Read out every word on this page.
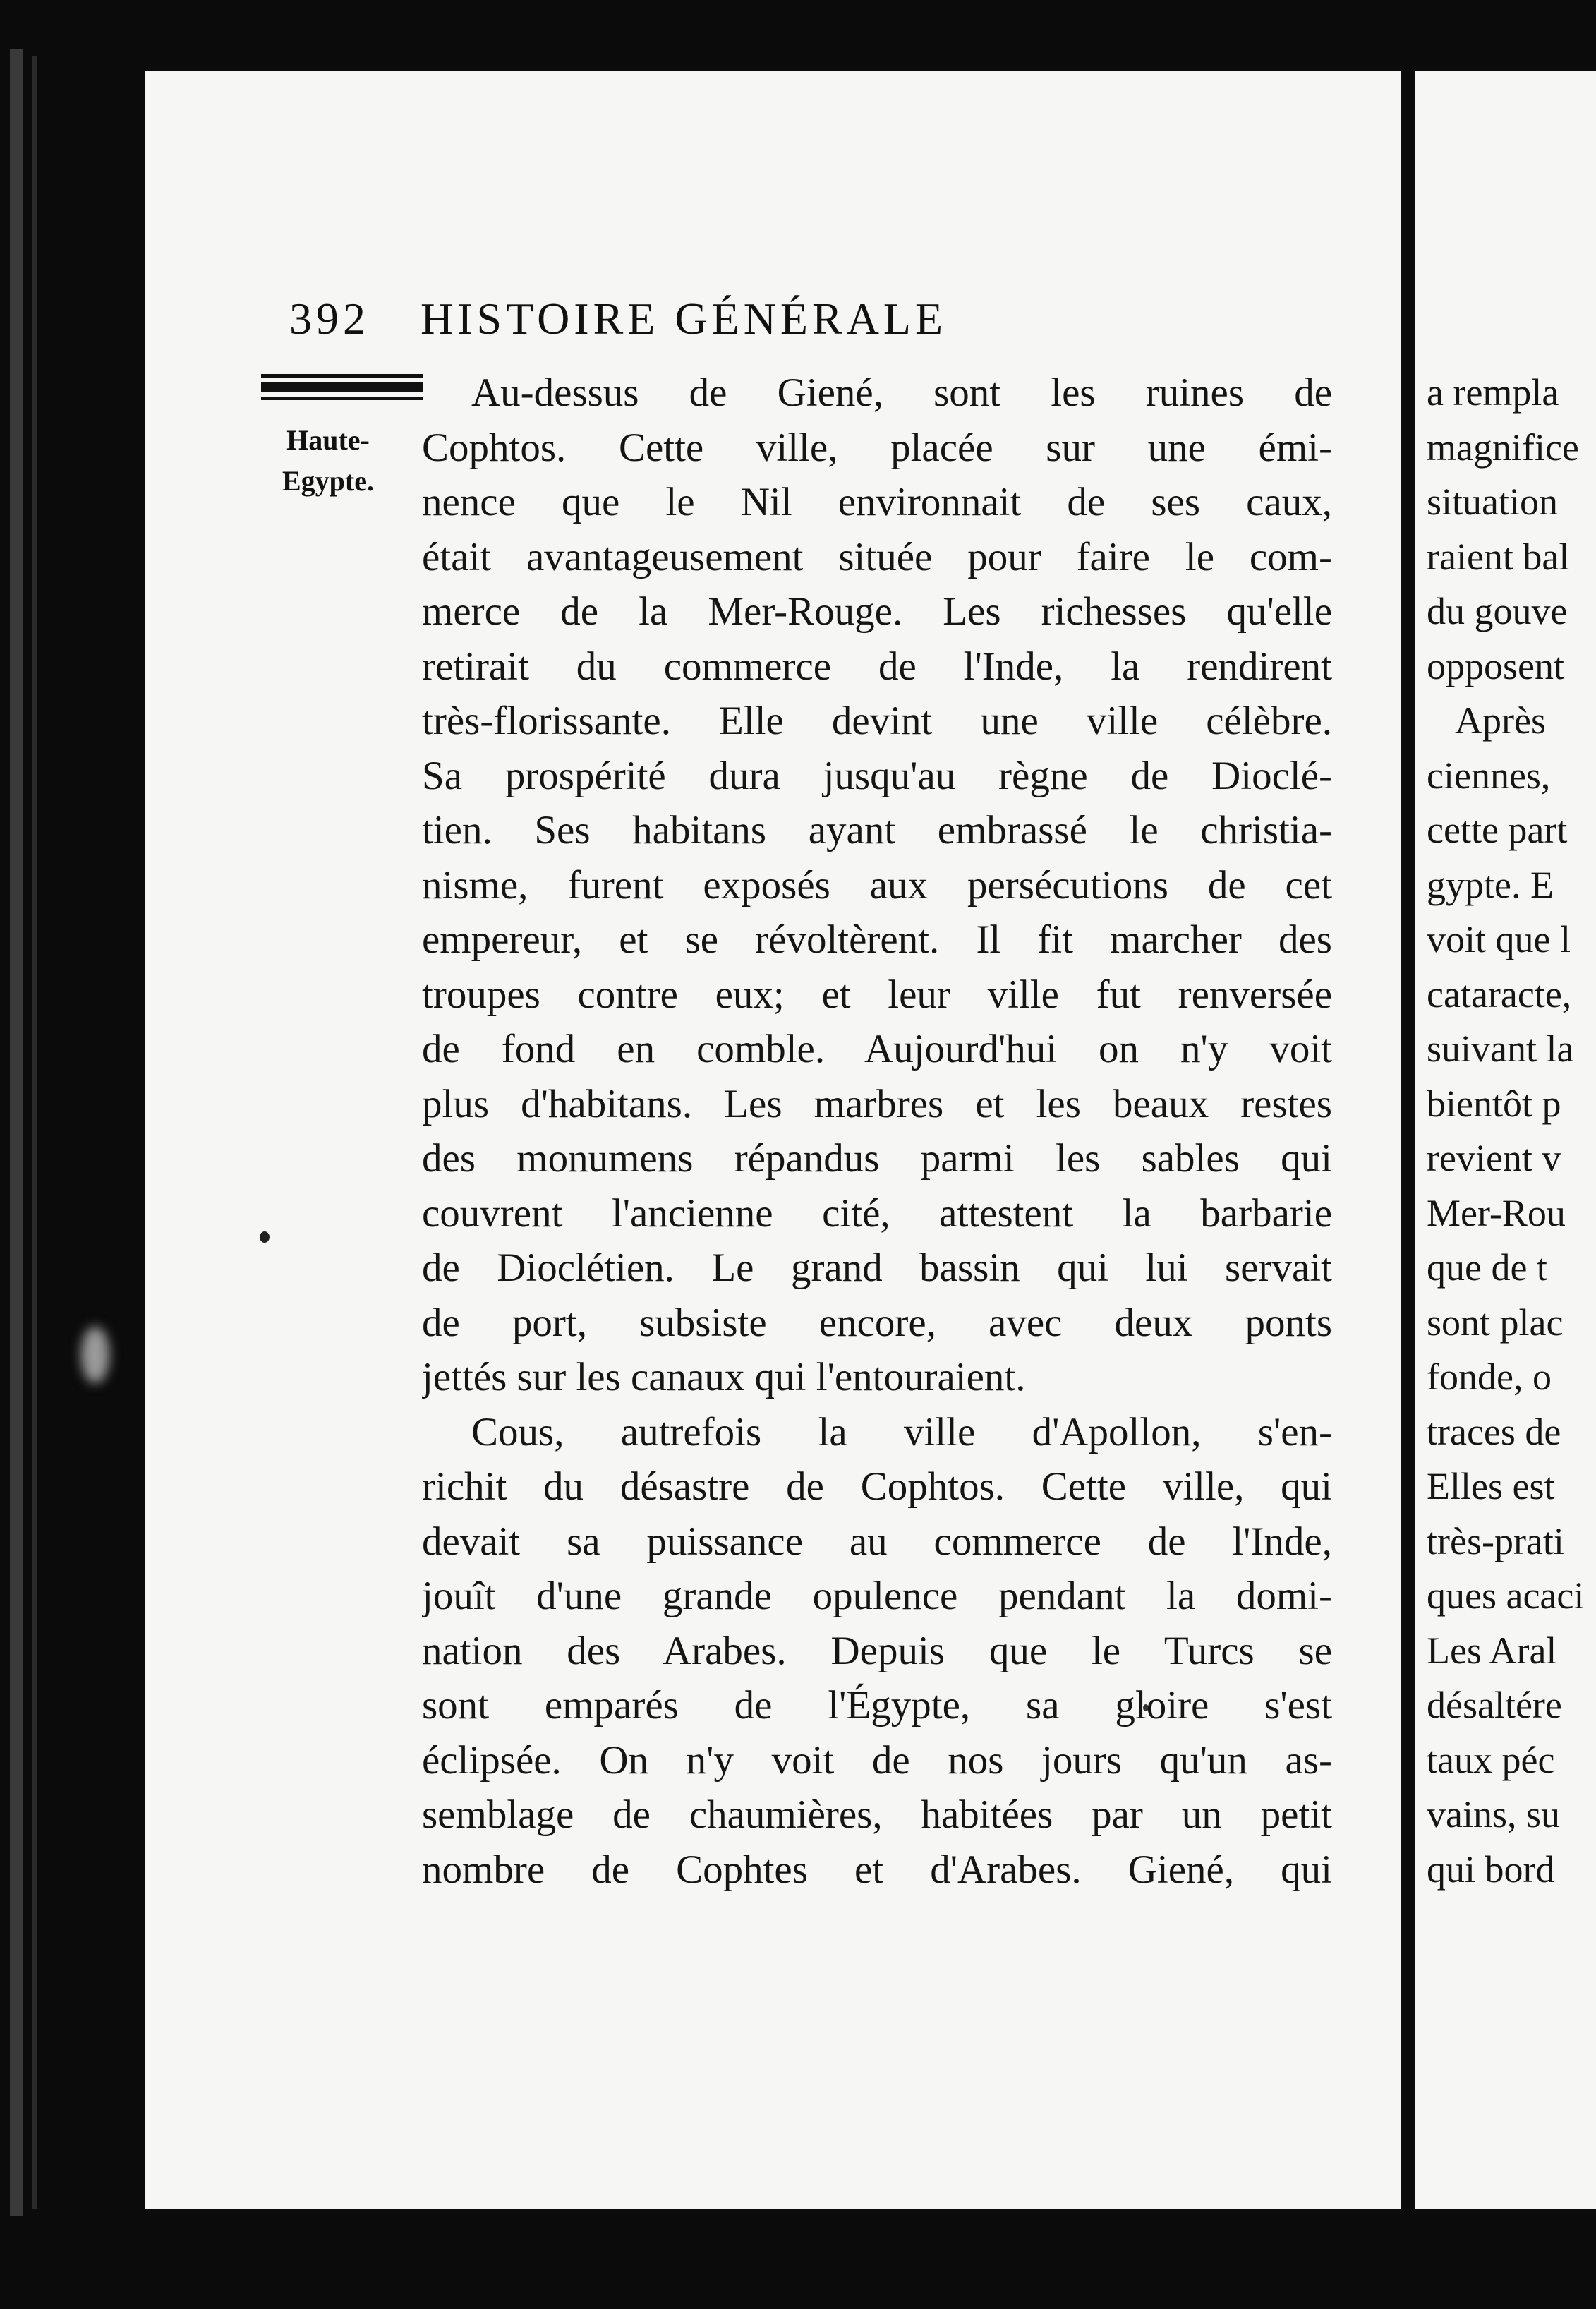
392 HISTOIRE GÉNÉRALE
Haute-
Egypte.
Au-dessus de Giené, sont les ruines de
Cophtos. Cette ville, placée sur une émi-
nence que le Nil environnait de ses caux,
était avantageusement située pour faire le com-
merce de la Mer-Rouge. Les richesses qu'elle
retirait du commerce de l'Inde, la rendirent
très-florissante. Elle devint une ville célèbre.
Sa prospérité dura jusqu'au règne de Dioclé-
tien. Ses habitans ayant embrassé le christia-
nisme, furent exposés aux persécutions de cet
empereur, et se révoltèrent. Il fit marcher des
troupes contre eux; et leur ville fut renversée
de fond en comble. Aujourd'hui on n'y voit
plus d'habitans. Les marbres et les beaux restes
des monumens répandus parmi les sables qui
couvrent l'ancienne cité, attestent la barbarie
de Dioclétien. Le grand bassin qui lui servait
de port, subsiste encore, avec deux ponts
jettés sur les canaux qui l'entouraient.
Cous, autrefois la ville d'Apollon, s'en-
richit du désastre de Cophtos. Cette ville, qui
devait sa puissance au commerce de l'Inde,
jouît d'une grande opulence pendant la domi-
nation des Arabes. Depuis que le Turcs se
sont emparés de l'Égypte, sa gloire s'est
éclipsée. On n'y voit de nos jours qu'un as-
semblage de chaumières, habitées par un petit
nombre de Cophtes et d'Arabes. Giené, qui
a rempla
magnifice
situation
raient bal
du gouve
opposent
Après
ciennes,
cette part
gypte. E
voit que l
cataracte,
suivant la
bientôt p
revient v
Mer-Rou
que de t
sont plac
fonde, o
traces de
Elles est
très-prati
ques acaci
Les Aral
désaltére
taux péc
vains, su
qui bord
